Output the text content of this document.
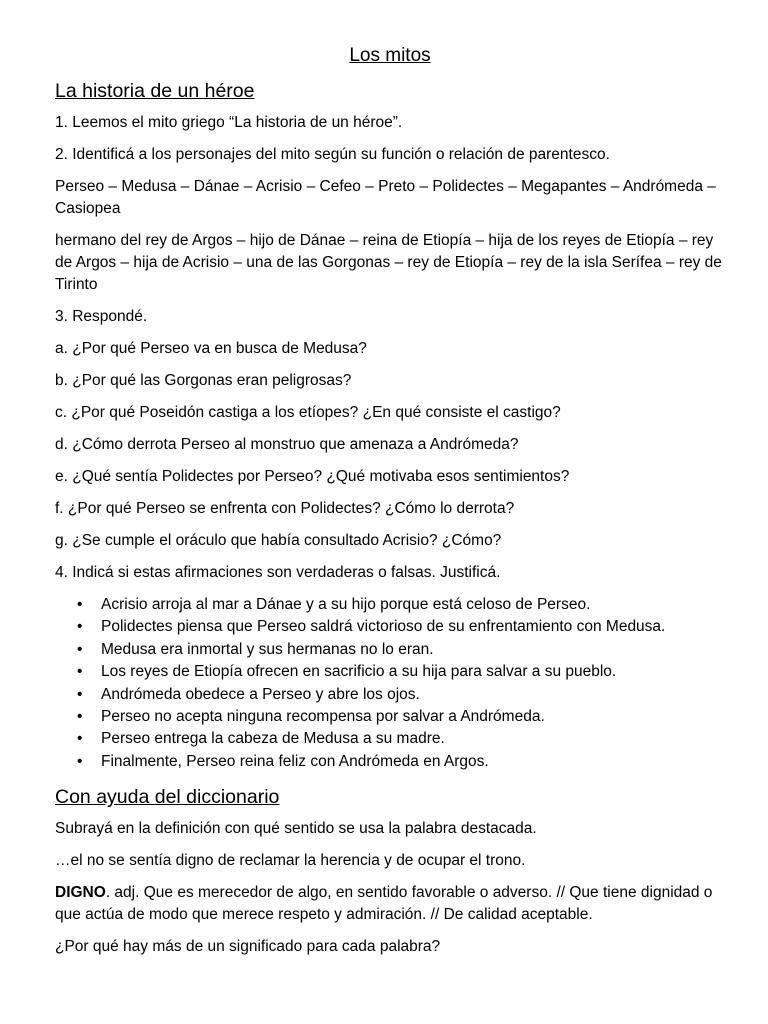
Los mitos
La historia de un héroe

1. Leemos el mito griego “La historia de un héroe”.

2. Identificá a los personajes del mito según su función o relación de parentesco.

Perseo – Medusa – Dánae – Acrisio – Cefeo – Preto – Polidectes – Megapantes – Andrómeda – Casiopea

hermano del rey de Argos – hijo de Dánae – reina de Etiopía – hija de los reyes de Etiopía – rey de Argos – hija de Acrisio – una de las Gorgonas – rey de Etiopía – rey de la isla Serífea – rey de Tirinto

3. Respondé.

a. ¿Por qué Perseo va en busca de Medusa?

b. ¿Por qué las Gorgonas eran peligrosas?

c. ¿Por qué Poseidón castiga a los etíopes? ¿En qué consiste el castigo?

d. ¿Cómo derrota Perseo al monstruo que amenaza a Andrómeda?

e. ¿Qué sentía Polidectes por Perseo? ¿Qué motivaba esos sentimientos?

f. ¿Por qué Perseo se enfrenta con Polidectes? ¿Cómo lo derrota?

g. ¿Se cumple el oráculo que había consultado Acrisio? ¿Cómo?

4. Indicá si estas afirmaciones son verdaderas o falsas. Justificá.

• Acrisio arroja al mar a Dánae y a su hijo porque está celoso de Perseo.
• Polidectes piensa que Perseo saldrá victorioso de su enfrentamiento con Medusa.
• Medusa era inmortal y sus hermanas no lo eran.
• Los reyes de Etiopía ofrecen en sacrificio a su hija para salvar a su pueblo.
• Andrómeda obedece a Perseo y abre los ojos.
• Perseo no acepta ninguna recompensa por salvar a Andrómeda.
• Perseo entrega la cabeza de Medusa a su madre.
• Finalmente, Perseo reina feliz con Andrómeda en Argos.
Con ayuda del diccionario

Subrayá en la definición con qué sentido se usa la palabra destacada.

…el no se sentía digno de reclamar la herencia y de ocupar el trono.

DIGNO. adj. Que es merecedor de algo, en sentido favorable o adverso. // Que tiene dignidad o que actúa de modo que merece respeto y admiración. // De calidad aceptable.

¿Por qué hay más de un significado para cada palabra?
